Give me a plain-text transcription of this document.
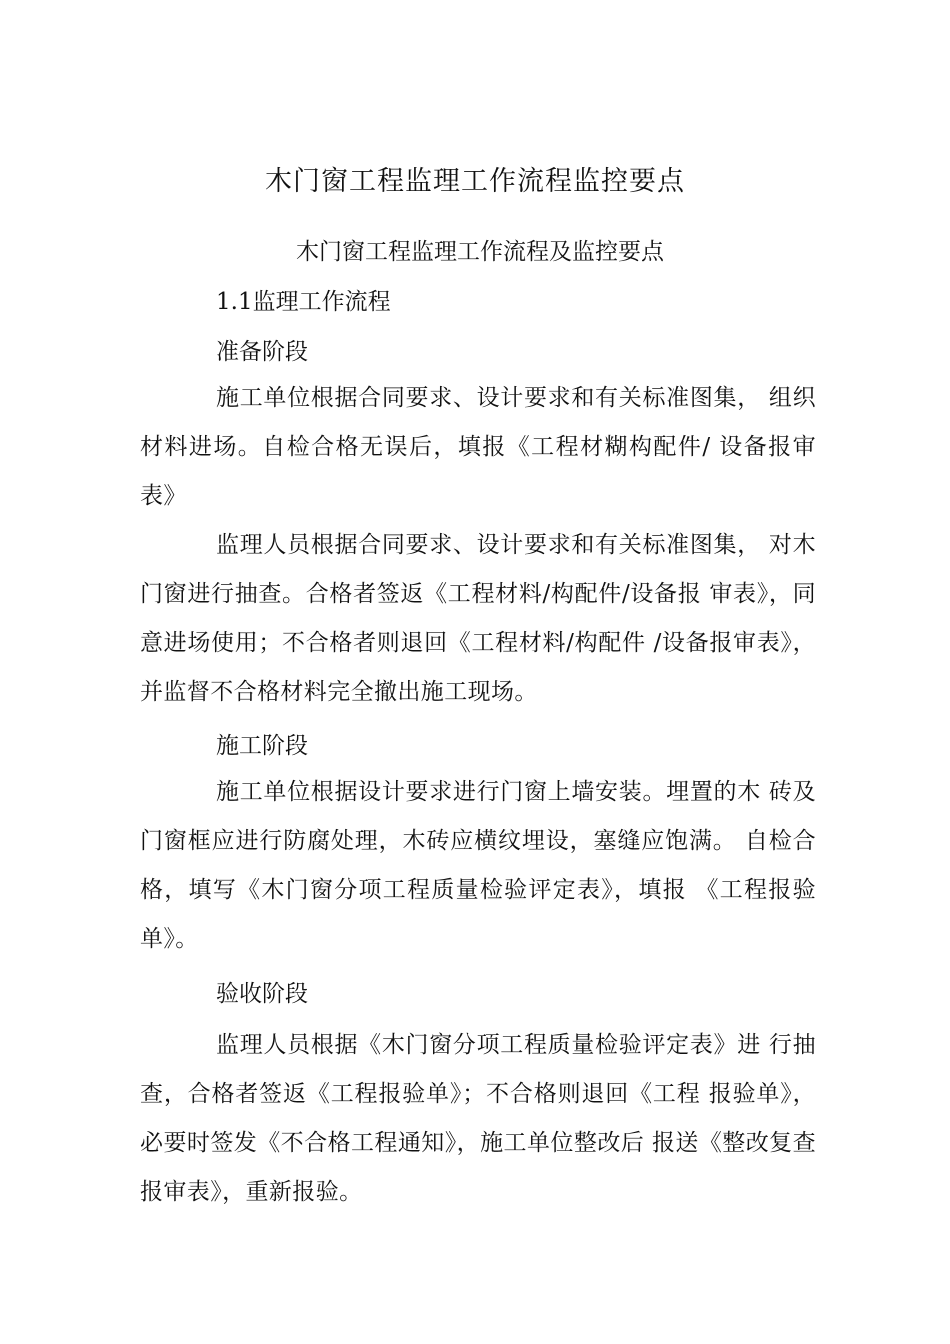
木门窗工程监理工作流程监控要点
木门窗工程监理工作流程及监控要点
1.1监理工作流程
准备阶段

施工单位根据合同要求、设计要求和有关标准图集， 组织材料进场。自检合格无误后，填报《工程材糊构配件/ 设备报审表》

监理人员根据合同要求、设计要求和有关标准图集， 对木门窗进行抽查。合格者签返《工程材料/构配件/设备报 审表》，同意进场使用；不合格者则退回《工程材料/构配件 /设备报审表》，并监督不合格材料完全撤出施工现场。

施工阶段

施工单位根据设计要求进行门窗上墙安装。埋置的木 砖及门窗框应进行防腐处理，木砖应横纹埋设，塞缝应饱满。 自检合格，填写《木门窗分项工程质量检验评定表》，填报 《工程报验单》。

验收阶段

监理人员根据《木门窗分项工程质量检验评定表》进 行抽查，合格者签返《工程报验单》；不合格则退回《工程 报验单》，必要时签发《不合格工程通知》，施工单位整改后 报送《整改复查报审表》，重新报验。
